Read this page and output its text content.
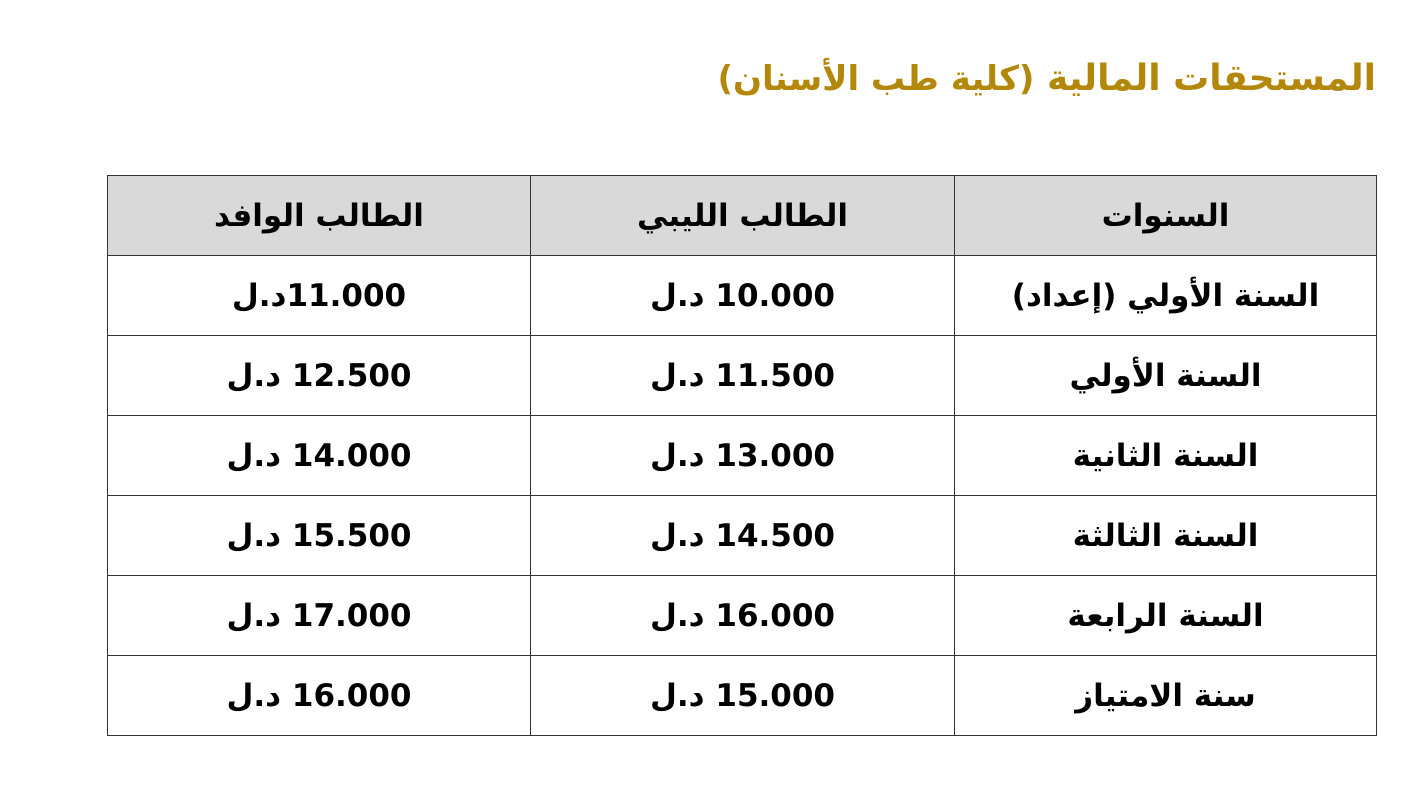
المستحقات المالية (كلية طب الأسنان)
السنوات	الطالب الليبي	الطالب الوافد
السنة الأولي (إعداد)	10.000 د.ل	11.000د.ل
السنة الأولي	11.500 د.ل	12.500 د.ل
السنة الثانية	13.000 د.ل	14.000 د.ل
السنة الثالثة	14.500 د.ل	15.500 د.ل
السنة الرابعة	16.000 د.ل	17.000 د.ل
سنة الامتياز	15.000 د.ل	16.000 د.ل
